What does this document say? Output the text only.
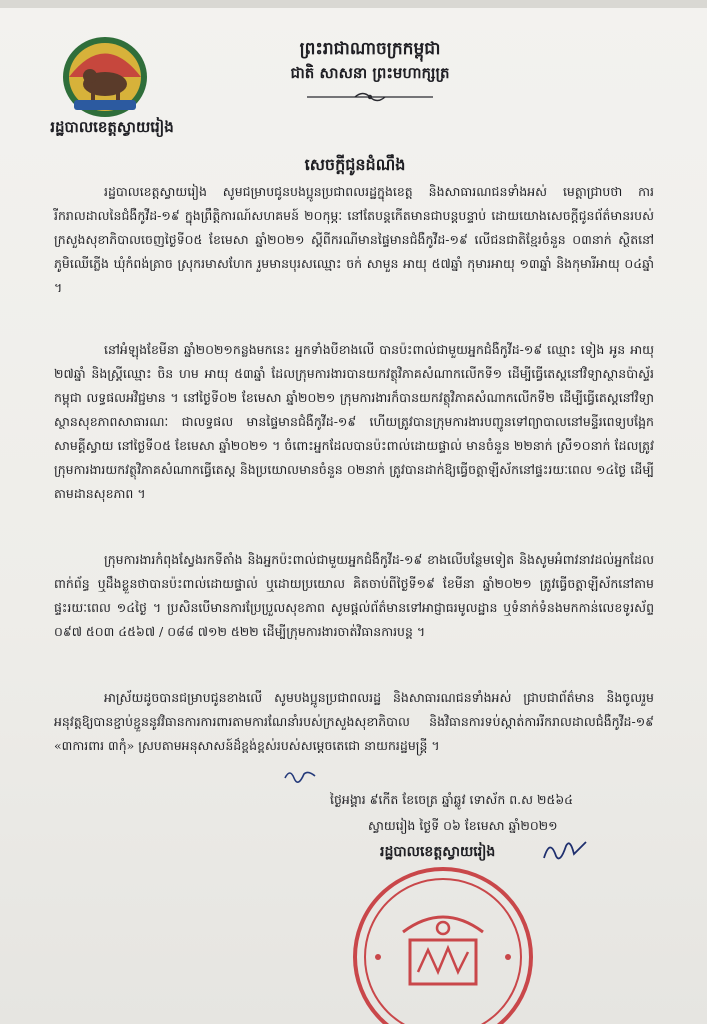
រដ្ឋបាលខេត្តស្វាយរៀង

ព្រះរាជាណាចក្រកម្ពុជា

ជាតិ សាសនា ព្រះមហាក្សត្រ

សេចក្តីជូនដំណឹង

រដ្ឋបាលខេត្តស្វាយរៀង សូមជម្រាបជូនបងប្អូនប្រជាពលរដ្ឋក្នុងខេត្ត និងសាធារណជនទាំងអស់ មេត្តាជ្រាបថា ការរីករាលដាលនៃជំងឺកូវីដ-១៩ ក្នុងព្រឹត្តិការណ៍សហគមន៍ ២០កុម្ភៈ នៅតែបន្តកើតមានជាបន្តបន្ទាប់ ដោយយោងសេចក្តីជូនព័ត៌មានរបស់ក្រសួងសុខាភិបាលចេញថ្ងៃទី០៥ ខែមេសា ឆ្នាំ២០២១ ស្តីពីករណីមានផ្ទៃមានជំងឺកូវីដ-១៩ លើជនជាតិខ្មែរចំនួន ០៣នាក់ ស្ថិតនៅភូមិឈើភ្លើង ឃុំកំពង់ត្រាច ស្រុករមាសហែក រួមមានបុរសឈ្មោះ ចក់ សាមួន អាយុ ៥៧ឆ្នាំ កុមារអាយុ ១៣ឆ្នាំ និងកុមារីអាយុ ០៤ឆ្នាំ ។

នៅអំឡុងខែមីនា ឆ្នាំ២០២១កន្លងមកនេះ អ្នកទាំងបីខាងលើ បានប៉ះពាល់ជាមួយអ្នកជំងឺកូវីដ-១៩ ឈ្មោះ ទៀង អូន អាយុ ២៧ឆ្នាំ និងស្ត្រីឈ្មោះ ចិន ហម អាយុ ៥៣ឆ្នាំ ដែលក្រុមការងារបានយកវត្ថុវិភាគសំណាកលើកទី១ ដើម្បីធ្វើតេស្តនៅវិទ្យាស្ថានប៉ាស្ទ័រកម្ពុជា លទ្ធផលអវិជ្ជមាន ។ នៅថ្ងៃទី០២ ខែមេសា ឆ្នាំ២០២១ ក្រុមការងារក៏បានយកវត្ថុវិភាគសំណាកលើកទី២ ដើម្បីធ្វើតេស្តនៅវិទ្យាស្ថានសុខភាពសាធារណៈ ជាលទ្ធផល មានផ្ទៃមានជំងឺកូវីដ-១៩ ហើយត្រូវបានក្រុមការងារបញ្ជូនទៅព្យាបាលនៅមន្ទីរពេទ្យបង្អែកសាមគ្គីស្វាយ នៅថ្ងៃទី០៥ ខែមេសា ឆ្នាំ២០២១ ។ ចំពោះអ្នកដែលបានប៉ះពាល់ដោយផ្ទាល់ មានចំនួន ២២នាក់ ស្រី១០នាក់ ដែលត្រូវក្រុមការងារយកវត្ថុវិភាគសំណាកធ្វើតេស្ត និងប្រយោលមានចំនួន ០២នាក់ ត្រូវបានដាក់ឱ្យធ្វើចត្តាឡីស័កនៅផ្ទះរយៈពេល ១៤ថ្ងៃ ដើម្បីតាមដានសុខភាព ។

ក្រុមការងារកំពុងស្វែងរកទីតាំង និងអ្នកប៉ះពាល់ជាមួយអ្នកជំងឺកូវីដ-១៩ ខាងលើបន្ថែមទៀត និងសូមអំពាវនាវដល់អ្នកដែលពាក់ព័ន្ធ ឬដឹងខ្លួនថាបានប៉ះពាល់ដោយផ្ទាល់ ឬដោយប្រយោល គិតចាប់ពីថ្ងៃទី១៩ ខែមីនា ឆ្នាំ២០២១ ត្រូវធ្វើចត្តាឡីស័កនៅតាមផ្ទះរយៈពេល ១៤ថ្ងៃ ។ ប្រសិនបើមានការប្រែប្រួលសុខភាព សូមផ្តល់ព័ត៌មានទៅអាជ្ញាធរមូលដ្ឋាន ឬទំនាក់ទំនងមកកាន់លេខទូរស័ព្ទ ០៩៧ ៥០៣ ៤៥៦៧ / ០៨៨ ៧១២ ៥២២ ដើម្បីក្រុមការងារចាត់វិធានការបន្ត ។

អាស្រ័យដូចបានជម្រាបជូនខាងលើ សូមបងប្អូនប្រជាពលរដ្ឋ និងសាធារណជនទាំងអស់ ជ្រាបជាព័ត៌មាន និងចូលរួមអនុវត្តឱ្យបានខ្ជាប់ខ្ជួននូវវិធានការការពារតាមការណែនាំរបស់ក្រសួងសុខាភិបាល និងវិធានការទប់ស្កាត់ការរីករាលដាលជំងឺកូវីដ-១៩ «៣ការពារ ៣កុំ» ស្របតាមអនុសាសន៍ដ៏ខ្ពង់ខ្ពស់របស់សម្តេចតេជោ នាយករដ្ឋមន្ត្រី ។

ថ្ងៃអង្គារ ៩កើត ខែចេត្រ ឆ្នាំឆ្លូវ ទោស័ក ព.ស ២៥៦៤

ស្វាយរៀង ថ្ងៃទី ០៦ ខែមេសា ឆ្នាំ២០២១

រដ្ឋបាលខេត្តស្វាយរៀង
